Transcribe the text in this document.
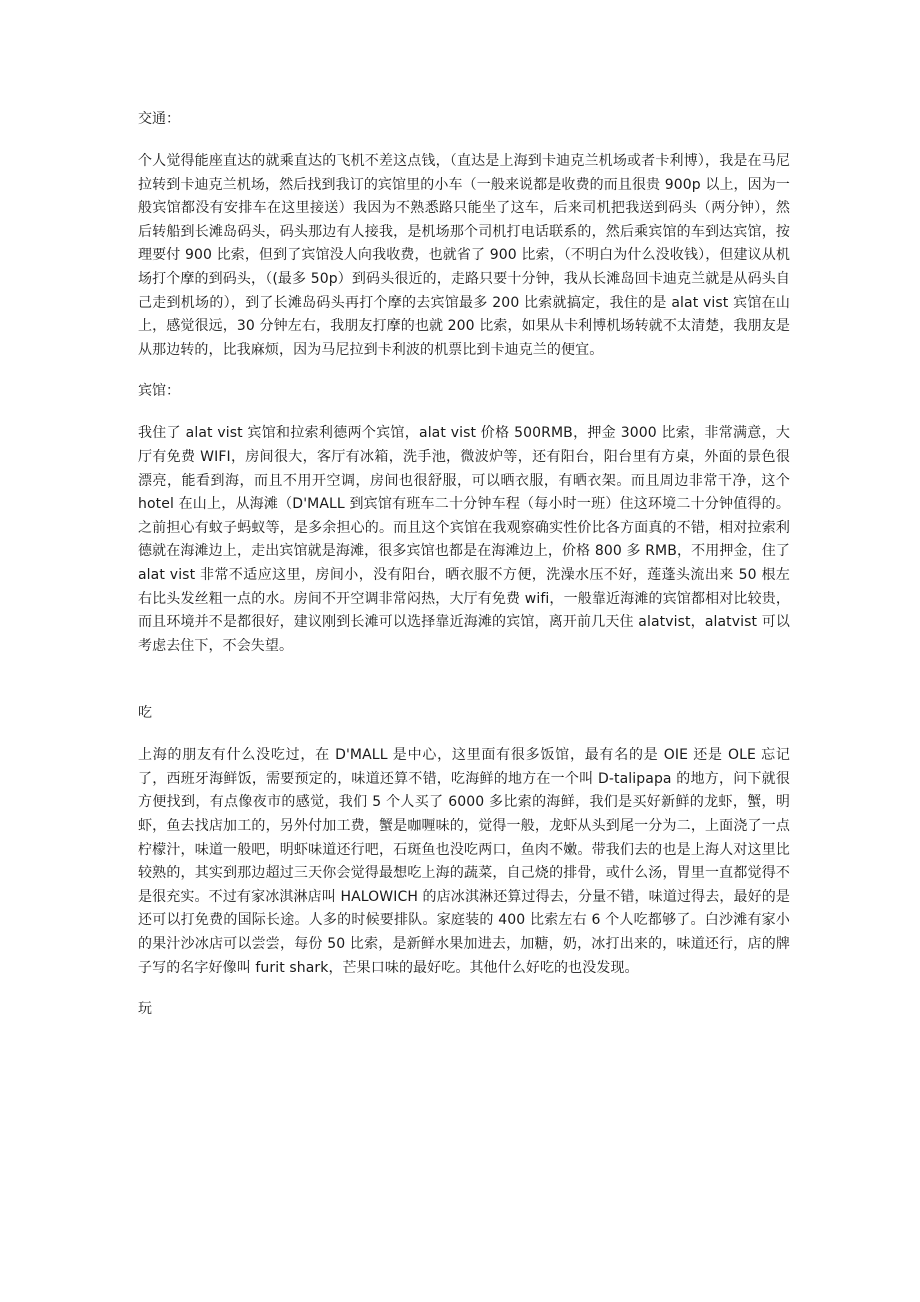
交通：

个人觉得能座直达的就乘直达的飞机不差这点钱，（直达是上海到卡迪克兰机场或者卡利博），我是在马尼拉转到卡迪克兰机场，然后找到我订的宾馆里的小车（一般来说都是收费的而且很贵 900p 以上，因为一般宾馆都没有安排车在这里接送）我因为不熟悉路只能坐了这车，后来司机把我送到码头（两分钟），然后转船到长滩岛码头，码头那边有人接我，是机场那个司机打电话联系的，然后乘宾馆的车到达宾馆，按理要付 900 比索，但到了宾馆没人向我收费，也就省了 900 比索，（不明白为什么没收钱），但建议从机场打个摩的到码头，（(最多 50p）到码头很近的，走路只要十分钟，我从长滩岛回卡迪克兰就是从码头自己走到机场的），到了长滩岛码头再打个摩的去宾馆最多 200 比索就搞定，我住的是 alat vist 宾馆在山上，感觉很远，30 分钟左右，我朋友打摩的也就 200 比索，如果从卡利博机场转就不太清楚，我朋友是从那边转的，比我麻烦，因为马尼拉到卡利波的机票比到卡迪克兰的便宜。

宾馆：

我住了 alat vist 宾馆和拉索利德两个宾馆，alat vist 价格 500RMB，押金 3000 比索，非常满意，大厅有免费 WIFI，房间很大，客厅有冰箱，洗手池，微波炉等，还有阳台，阳台里有方桌，外面的景色很漂亮，能看到海，而且不用开空调，房间也很舒服，可以晒衣服，有晒衣架。而且周边非常干净，这个 hotel 在山上，从海滩（D'MALL 到宾馆有班车二十分钟车程（每小时一班）住这环境二十分钟值得的。之前担心有蚊子蚂蚁等，是多余担心的。而且这个宾馆在我观察确实性价比各方面真的不错，相对拉索利德就在海滩边上，走出宾馆就是海滩，很多宾馆也都是在海滩边上，价格 800 多 RMB，不用押金，住了 alat vist 非常不适应这里，房间小，没有阳台，晒衣服不方便，洗澡水压不好，莲蓬头流出来 50 根左右比头发丝粗一点的水。房间不开空调非常闷热，大厅有免费 wifi，一般靠近海滩的宾馆都相对比较贵，而且环境并不是都很好，建议刚到长滩可以选择靠近海滩的宾馆，离开前几天住 alatvist，alatvist 可以考虑去住下，不会失望。

吃

上海的朋友有什么没吃过，在 D'MALL 是中心，这里面有很多饭馆，最有名的是 OIE 还是 OLE 忘记了，西班牙海鲜饭，需要预定的，味道还算不错，吃海鲜的地方在一个叫 D-talipapa 的地方，问下就很方便找到，有点像夜市的感觉，我们 5 个人买了 6000 多比索的海鲜，我们是买好新鲜的龙虾，蟹，明虾，鱼去找店加工的，另外付加工费，蟹是咖喱味的，觉得一般，龙虾从头到尾一分为二，上面浇了一点柠檬汁，味道一般吧，明虾味道还行吧，石斑鱼也没吃两口，鱼肉不嫩。带我们去的也是上海人对这里比较熟的，其实到那边超过三天你会觉得最想吃上海的蔬菜，自己烧的排骨，或什么汤，胃里一直都觉得不是很充实。不过有家冰淇淋店叫 HALOWICH 的店冰淇淋还算过得去，分量不错，味道过得去，最好的是还可以打免费的国际长途。人多的时候要排队。家庭装的 400 比索左右 6 个人吃都够了。白沙滩有家小的果汁沙冰店可以尝尝，每份 50 比索，是新鲜水果加进去，加糖，奶，冰打出来的，味道还行，店的牌子写的名字好像叫 furit shark，芒果口味的最好吃。其他什么好吃的也没发现。

玩
